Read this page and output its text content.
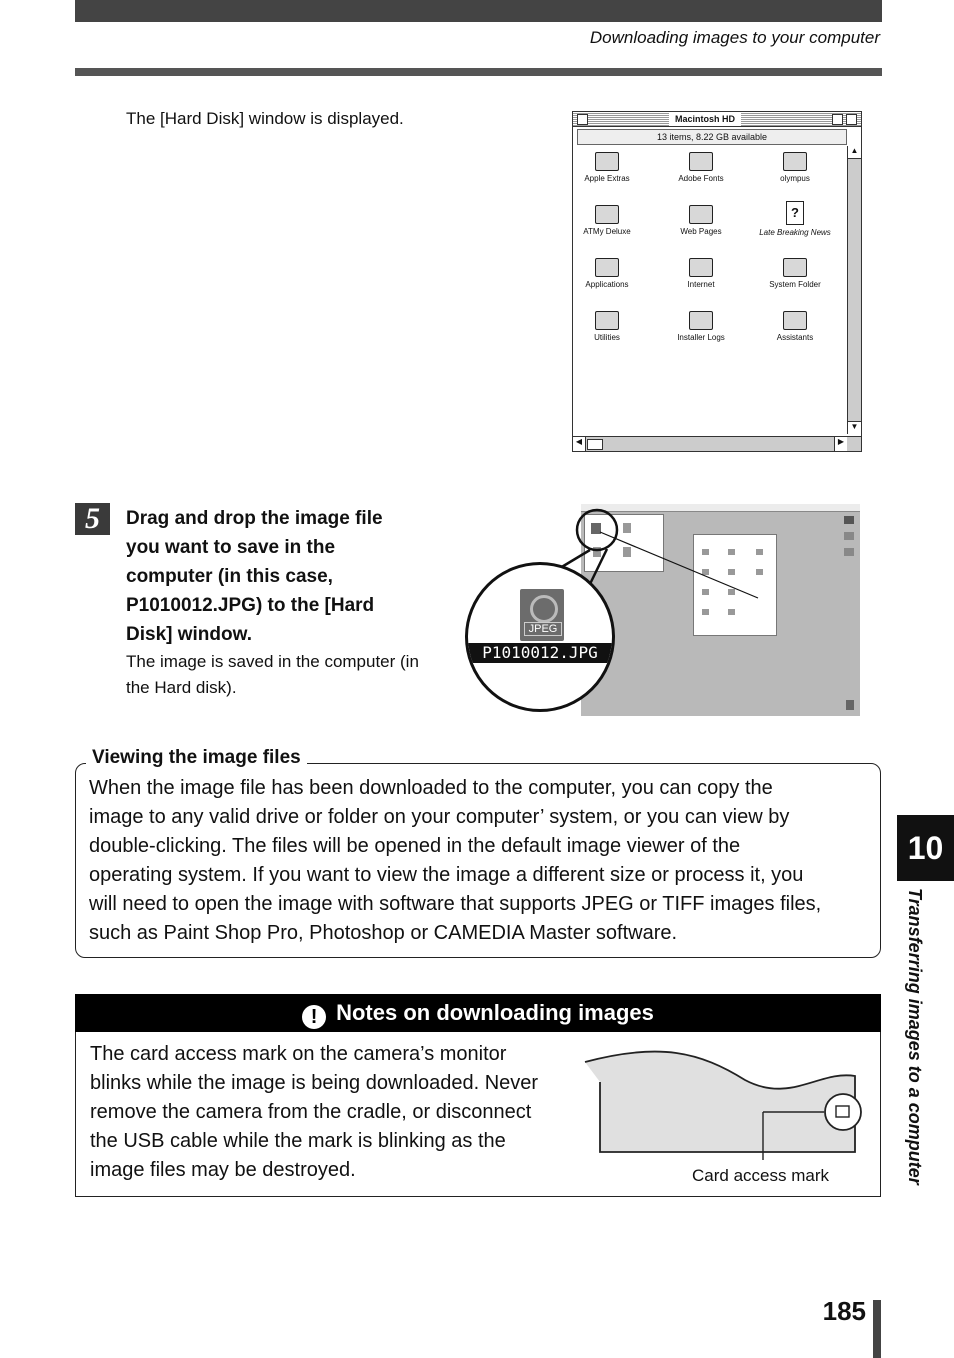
Downloading images to your computer
The [Hard Disk] window is displayed.	Macintosh HD
13 items, 8.22 GB available
Apple Extras	Adobe Fonts	olympus
ATMy Deluxe	Web Pages
?
Late Breaking News
Applications	Internet	System Folder
Utilities	Installer Logs	Assistants
▲
▼
◀	▶
5	Drag and drop the image file
you want to save in the
computer (in this case,
P1010012.JPG) to the [Hard
Disk] window.
The image is saved in the computer (in
the Hard disk).
JPEG
P1010012.JPG
Viewing the image files
When the image file has been downloaded to the computer, you can copy the
image to any valid drive or folder on your computer’ system, or you can view by
double-clicking. The files will be opened in the default image viewer of the
operating system. If you want to view the image a different size or process it, you
will need to open the image with software that supports JPEG or TIFF images files,
such as Paint Shop Pro, Photoshop or CAMEDIA Master software.
! Notes on downloading images
The card access mark on the camera’s monitor
blinks while the image is being downloaded. Never
remove the camera from the cradle, or disconnect
the USB cable while the mark is blinking as the
image files may be destroyed.	Card access mark
10
Transferring images to a computer
185
